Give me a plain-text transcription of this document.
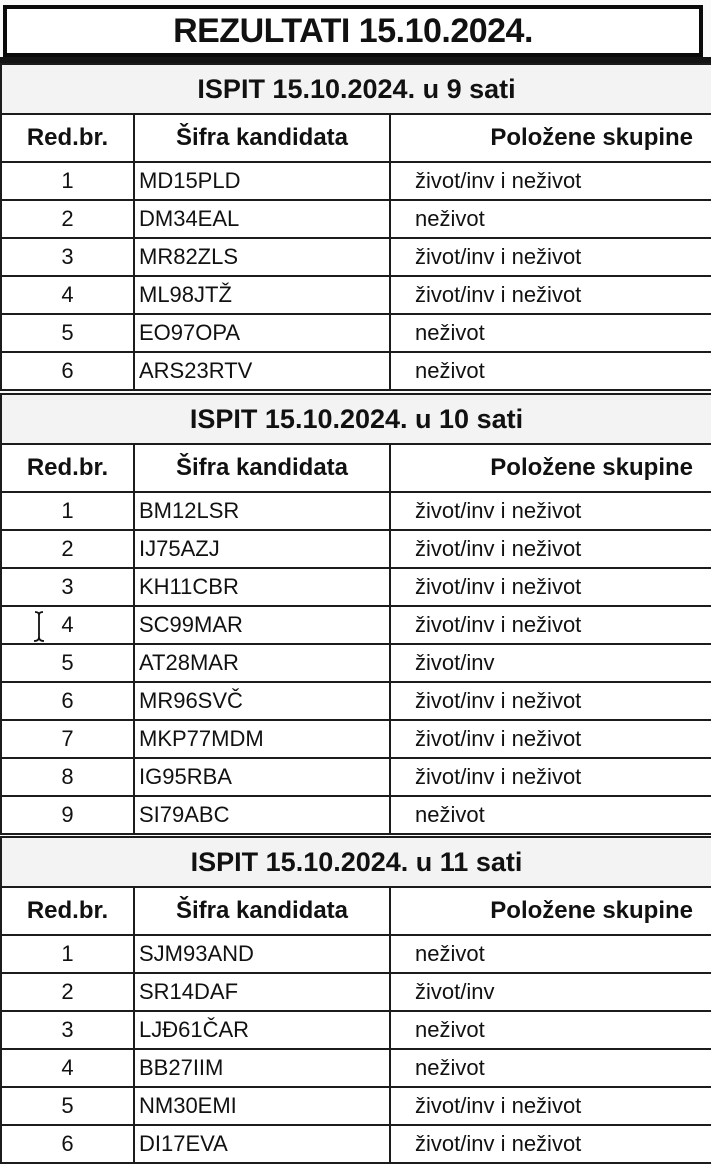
REZULTATI 15.10.2024.
ISPIT 15.10.2024. u 9 sati		
Red.br.	Šifra kandidata	Položene skupine
1	MD15PLD	život/inv i neživot
2	DM34EAL	neživot
3	MR82ZLS	život/inv i neživot
4	ML98JTŽ	život/inv i neživot
5	EO97OPA	neživot
6	ARS23RTV	neživot
ISPIT 15.10.2024. u 10 sati		
Red.br.	Šifra kandidata	Položene skupine
1	BM12LSR	život/inv i neživot
2	IJ75AZJ	život/inv i neživot
3	KH11CBR	život/inv i neživot
4	SC99MAR	život/inv i neživot
5	AT28MAR	život/inv
6	MR96SVČ	život/inv i neživot
7	MKP77MDM	život/inv i neživot
8	IG95RBA	život/inv i neživot
9	SI79ABC	neživot
ISPIT 15.10.2024. u 11 sati		
Red.br.	Šifra kandidata	Položene skupine
1	SJM93AND	neživot
2	SR14DAF	život/inv
3	LJĐ61ČAR	neživot
4	BB27IIM	neživot
5	NM30EMI	život/inv i neživot
6	DI17EVA	život/inv i neživot
